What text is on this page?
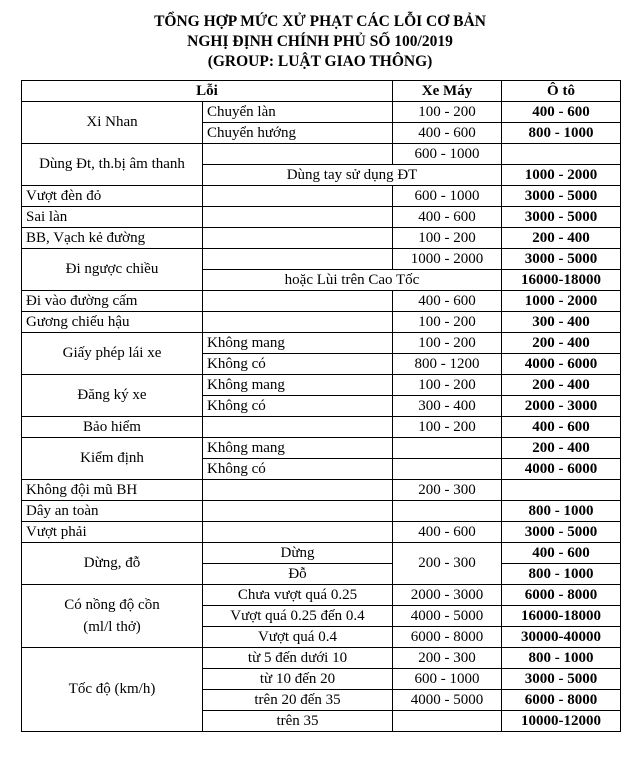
TỔNG HỢP MỨC XỬ PHẠT CÁC LỖI CƠ BẢN
NGHỊ ĐỊNH CHÍNH PHỦ SỐ 100/2019
(GROUP: LUẬT GIAO THÔNG)
Lỗi		Xe Máy	Ô tô
Xi Nhan	Chuyển làn	100 - 200	400 - 600
	Chuyển hướng	400 - 600	800 - 1000
Dùng Đt, th.bị âm thanh		600 - 1000	
	Dùng tay sử dụng ĐT		1000 - 2000
Vượt đèn đỏ		600 - 1000	3000 - 5000
Sai làn		400 - 600	3000 - 5000
BB, Vạch kẻ đường		100 - 200	200 - 400
Đi ngược chiều		1000 - 2000	3000 - 5000
	hoặc Lùi trên Cao Tốc		16000-18000
Đi vào đường cấm		400 - 600	1000 - 2000
Gương chiếu hậu		100 - 200	300 - 400
Giấy phép lái xe	Không mang	100 - 200	200 - 400
	Không có	800 - 1200	4000 - 6000
Đăng ký xe	Không mang	100 - 200	200 - 400
	Không có	300 - 400	2000 - 3000
Bảo hiểm		100 - 200	400 - 600
Kiểm định	Không mang		200 - 400
	Không có		4000 - 6000
Không đội mũ BH		200 - 300	
Dây an toàn			800 - 1000
Vượt phải		400 - 600	3000 - 5000
Dừng, đỗ	Dừng	200 - 300	400 - 600
	Đỗ		800 - 1000

Có nồng độ cồn
(ml/l thở)	Chưa vượt quá 0.25	2000 - 3000	6000 - 8000
	Vượt quá 0.25 đến 0.4	4000 - 5000	16000-18000
	Vượt quá 0.4	6000 - 8000	30000-40000
Tốc độ (km/h)	từ 5 đến dưới 10	200 - 300	800 - 1000
	từ 10 đến 20	600 - 1000	3000 - 5000
	trên 20 đến 35	4000 - 5000	6000 - 8000
	trên 35		10000-12000
